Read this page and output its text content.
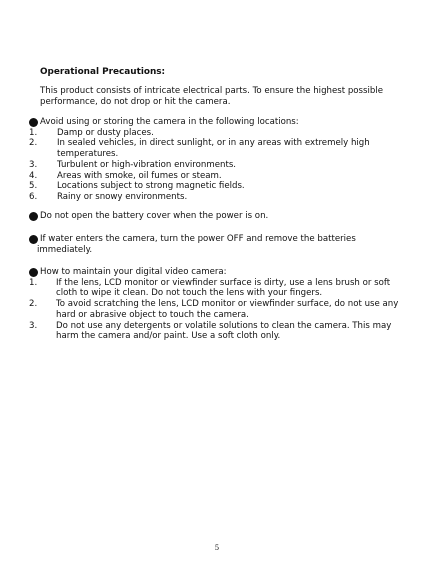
Operational Precautions:
This product consists of intricate electrical parts. To ensure the highest possible performance, do not drop or hit the camera.
Avoid using or storing the camera in the following locations:
1.	Damp or dusty places.
2.	In sealed vehicles, in direct sunlight, or in any areas with extremely high temperatures.
3.	Turbulent or high-vibration environments.
4.	Areas with smoke, oil fumes or steam.
5.	Locations subject to strong magnetic fields.
6.	Rainy or snowy environments.
Do not open the battery cover when the power is on.
If water enters the camera, turn the power OFF and remove the batteries
immediately.
How to maintain your digital video camera:
1.	If the lens, LCD monitor or viewfinder surface is dirty, use a lens brush or soft cloth to wipe it clean. Do not touch the lens with your fingers.
2.	To avoid scratching the lens, LCD monitor or viewfinder surface, do not use any hard or abrasive object to touch the camera.
3.	Do not use any detergents or volatile solutions to clean the camera. This may harm the camera and/or paint. Use a soft cloth only.
5
